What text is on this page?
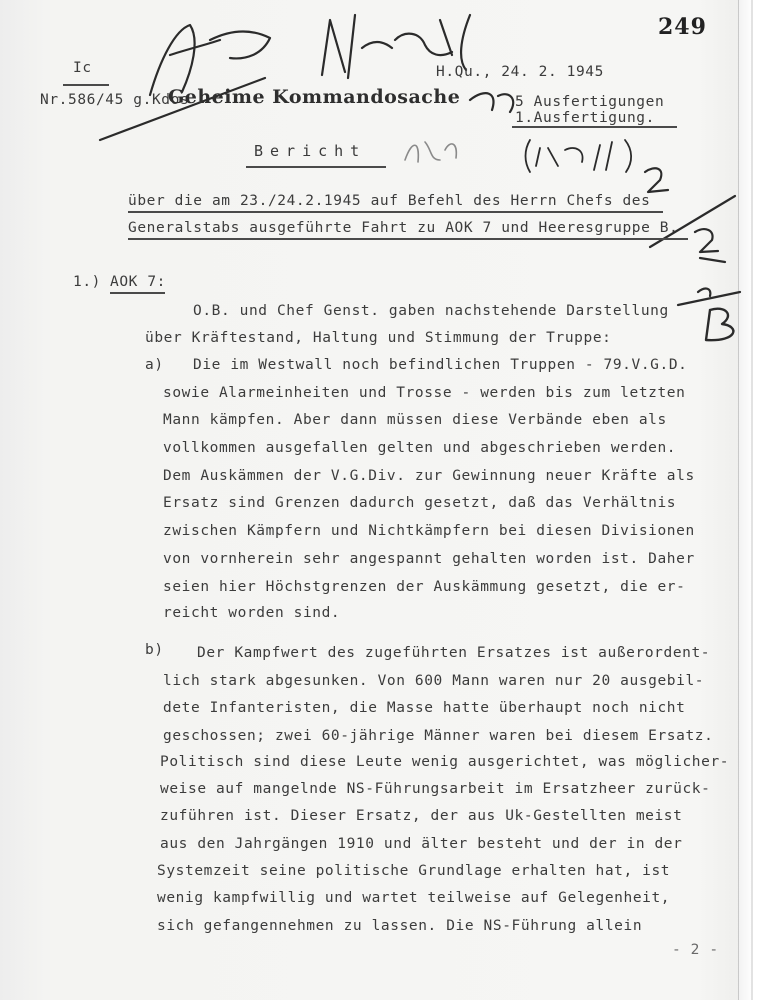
249
Ic
Nr.586/45 g.Kdos
Geheime Kommandosache
H.Qu., 24. 2. 1945
5 Ausfertigungen
1.Ausfertigung.
Bericht
über die am 23./24.2.1945 auf Befehl des Herrn Chefs des
Generalstabs ausgeführte Fahrt zu AOK 7 und Heeresgruppe B.
1.) AOK 7:
O.B. und Chef Genst. gaben nachstehende Darstellung
über Kräftestand, Haltung und Stimmung der Truppe:
a) Die im Westwall noch befindlichen Truppen - 79.V.G.D.
sowie Alarmeinheiten und Trosse - werden bis zum letzten
Mann kämpfen. Aber dann müssen diese Verbände eben als
vollkommen ausgefallen gelten und abgeschrieben werden.
Dem Auskämmen der V.G.Div. zur Gewinnung neuer Kräfte als
Ersatz sind Grenzen dadurch gesetzt, daß das Verhältnis
zwischen Kämpfern und Nichtkämpfern bei diesen Divisionen
von vornherein sehr angespannt gehalten worden ist. Daher
seien hier Höchstgrenzen der Auskämmung gesetzt, die er-
reicht worden sind.
b) Der Kampfwert des zugeführten Ersatzes ist außerordent-
lich stark abgesunken. Von 600 Mann waren nur 20 ausgebil-
dete Infanteristen, die Masse hatte überhaupt noch nicht
geschossen; zwei 60-jährige Männer waren bei diesem Ersatz.
Politisch sind diese Leute wenig ausgerichtet, was möglicher-
weise auf mangelnde NS-Führungsarbeit im Ersatzheer zurück-
zuführen ist. Dieser Ersatz, der aus Uk-Gestellten meist
aus den Jahrgängen 1910 und älter besteht und der in der
Systemzeit seine politische Grundlage erhalten hat, ist
wenig kampfwillig und wartet teilweise auf Gelegenheit,
sich gefangennehmen zu lassen. Die NS-Führung allein
- 2 -
